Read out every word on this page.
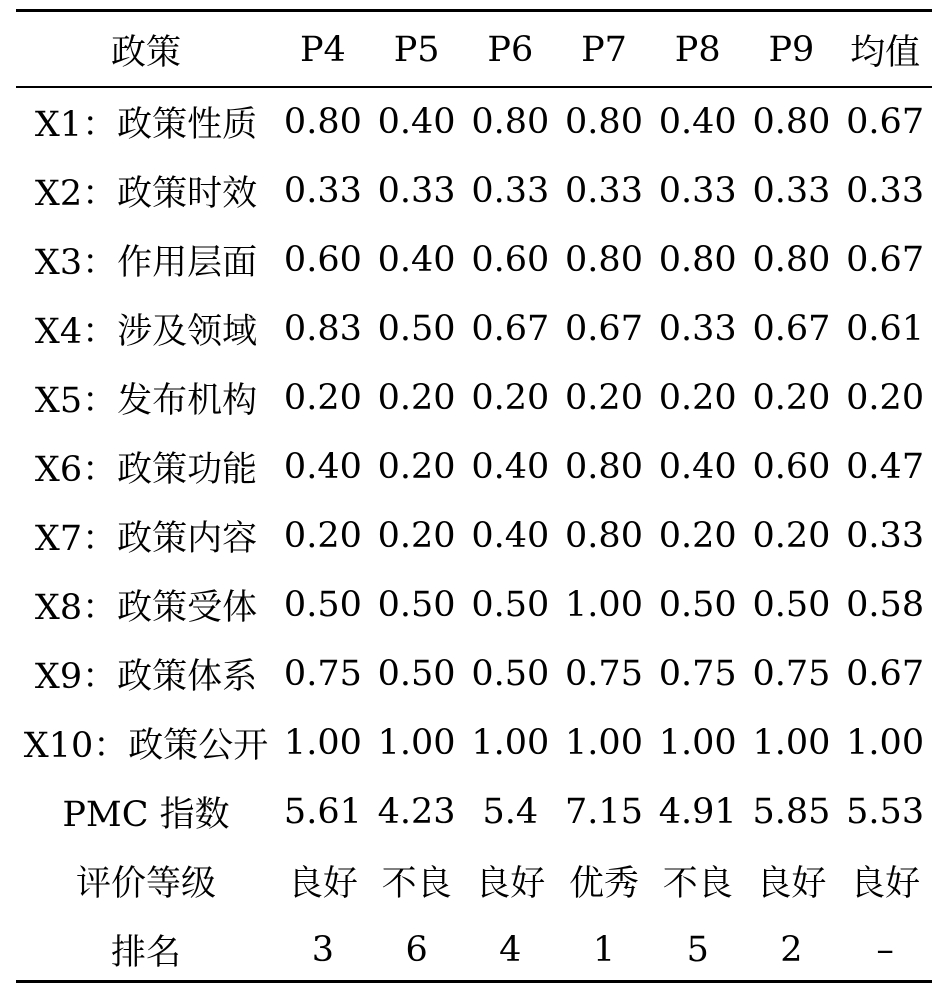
政策	P4	P5	P6	P7	P8	P9	均值
X1：政策性质	0.80	0.40	0.80	0.80	0.40	0.80	0.67
X2：政策时效	0.33	0.33	0.33	0.33	0.33	0.33	0.33
X3：作用层面	0.60	0.40	0.60	0.80	0.80	0.80	0.67
X4：涉及领域	0.83	0.50	0.67	0.67	0.33	0.67	0.61
X5：发布机构	0.20	0.20	0.20	0.20	0.20	0.20	0.20
X6：政策功能	0.40	0.20	0.40	0.80	0.40	0.60	0.47
X7：政策内容	0.20	0.20	0.40	0.80	0.20	0.20	0.33
X8：政策受体	0.50	0.50	0.50	1.00	0.50	0.50	0.58
X9：政策体系	0.75	0.50	0.50	0.75	0.75	0.75	0.67
X10：政策公开	1.00	1.00	1.00	1.00	1.00	1.00	1.00
PMC 指数	5.61	4.23	5.4	7.15	4.91	5.85	5.53
评价等级	良好	不良	良好	优秀	不良	良好	良好
排名	3	6	4	1	5	2	–
